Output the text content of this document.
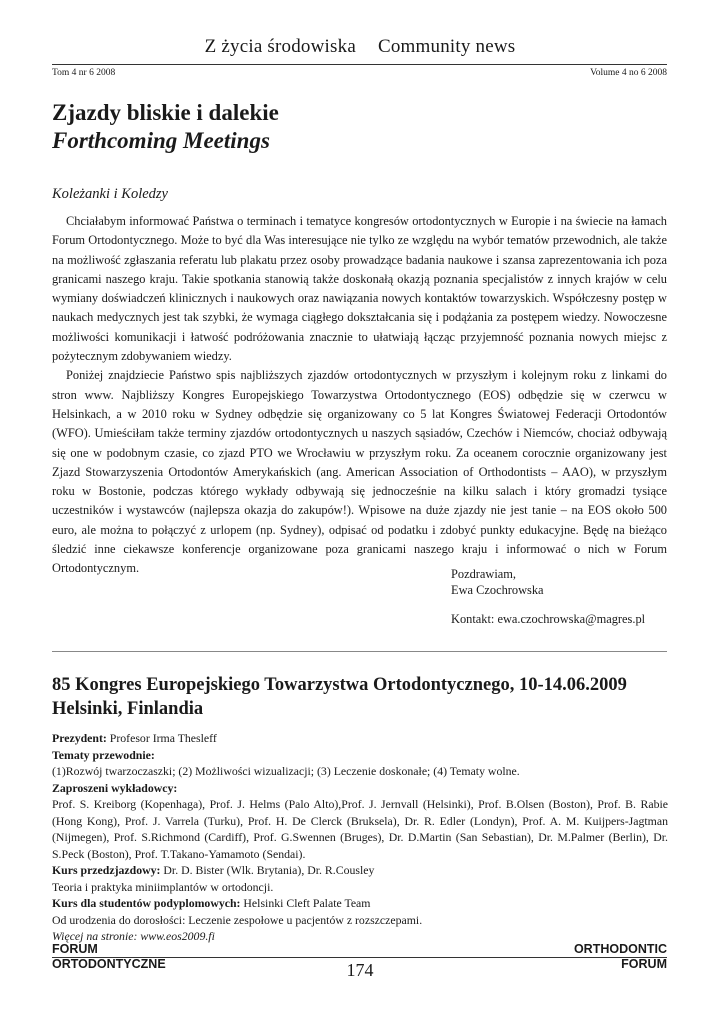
Z życia środowiska Community news
Tom 4 nr 6 2008	Volume 4 no 6 2008
Zjazdy bliskie i dalekie
Forthcoming Meetings
Koleżanki i Koledzy

Chciałabym informować Państwa o terminach i tematyce kongresów ortodontycznych w Europie i na świecie na łamach Forum Ortodontycznego. Może to być dla Was interesujące nie tylko ze względu na wybór tematów przewodnich, ale także na możliwość zgłaszania referatu lub plakatu przez osoby prowadzące badania naukowe i szansa zaprezentowania ich poza granicami naszego kraju. Takie spotkania stanowią także doskonałą okazją poznania specjalistów z innych krajów w celu wymiany doświadczeń klinicznych i naukowych oraz nawiązania nowych kontaktów towarzyskich. Współczesny postęp w naukach medycznych jest tak szybki, że wymaga ciągłego dokształcania się i podążania za postępem wiedzy. Nowoczesne możliwości komunikacji i łatwość podróżowania znacznie to ułatwiają łącząc przyjemność poznania nowych miejsc z pożytecznym zdobywaniem wiedzy.

Poniżej znajdziecie Państwo spis najbliższych zjazdów ortodontycznych w przyszłym i kolejnym roku z linkami do stron www. Najbliższy Kongres Europejskiego Towarzystwa Ortodontycznego (EOS) odbędzie się w czerwcu w Helsinkach, a w 2010 roku w Sydney odbędzie się organizowany co 5 lat Kongres Światowej Federacji Ortodontów (WFO). Umieściłam także terminy zjazdów ortodontycznych u naszych sąsiadów, Czechów i Niemców, chociaż odbywają się one w podobnym czasie, co zjazd PTO we Wrocławiu w przyszłym roku. Za oceanem corocznie organizowany jest Zjazd Stowarzyszenia Ortodontów Amerykańskich (ang. American Association of Orthodontists – AAO), w przyszłym roku w Bostonie, podczas którego wykłady odbywają się jednocześnie na kilku salach i który gromadzi tysiące uczestników i wystawców (najlepsza okazja do zakupów!). Wpisowe na duże zjazdy nie jest tanie – na EOS około 500 euro, ale można to połączyć z urlopem (np. Sydney), odpisać od podatku i zdobyć punkty edukacyjne. Będę na bieżąco śledzić inne ciekawsze konferencje organizowane poza granicami naszego kraju i informować o nich w Forum Ortodontycznym.	Pozdrawiam,
Ewa Czochrowska
Kontakt: ewa.czochrowska@magres.pl
85 Kongres Europejskiego Towarzystwa Ortodontycznego, 10-14.06.2009
Helsinki, Finlandia
Prezydent: Profesor Irma Thesleff
Tematy przewodnie:
(1)Rozwój twarzoczaszki; (2) Możliwości wizualizacji; (3) Leczenie doskonałe; (4) Tematy wolne.
Zaproszeni wykładowcy:
Prof. S. Kreiborg (Kopenhaga), Prof. J. Helms (Palo Alto),Prof. J. Jernvall (Helsinki), Prof. B.Olsen (Boston), Prof. B. Rabie (Hong Kong), Prof. J. Varrela (Turku), Prof. H. De Clerck (Bruksela), Dr. R. Edler (Londyn), Prof. A. M. Kuijpers-Jagtman (Nijmegen), Prof. S.Richmond (Cardiff), Prof. G.Swennen (Bruges), Dr. D.Martin (San Sebastian), Dr. M.Palmer (Berlin), Dr. S.Peck (Boston), Prof. T.Takano-Yamamoto (Sendai).
Kurs przedzjazdowy: Dr. D. Bister (Wlk. Brytania), Dr. R.Cousley
Teoria i praktyka miniimplantów w ortodoncji.
Kurs dla studentów podyplomowych: Helsinki Cleft Palate Team
Od urodzenia do dorosłości: Leczenie zespołowe u pacjentów z rozszczepami.
Więcej na stronie: www.eos2009.fi
FORUM
ORTODONTYCZNE
ORTHODONTIC
FORUM
174
